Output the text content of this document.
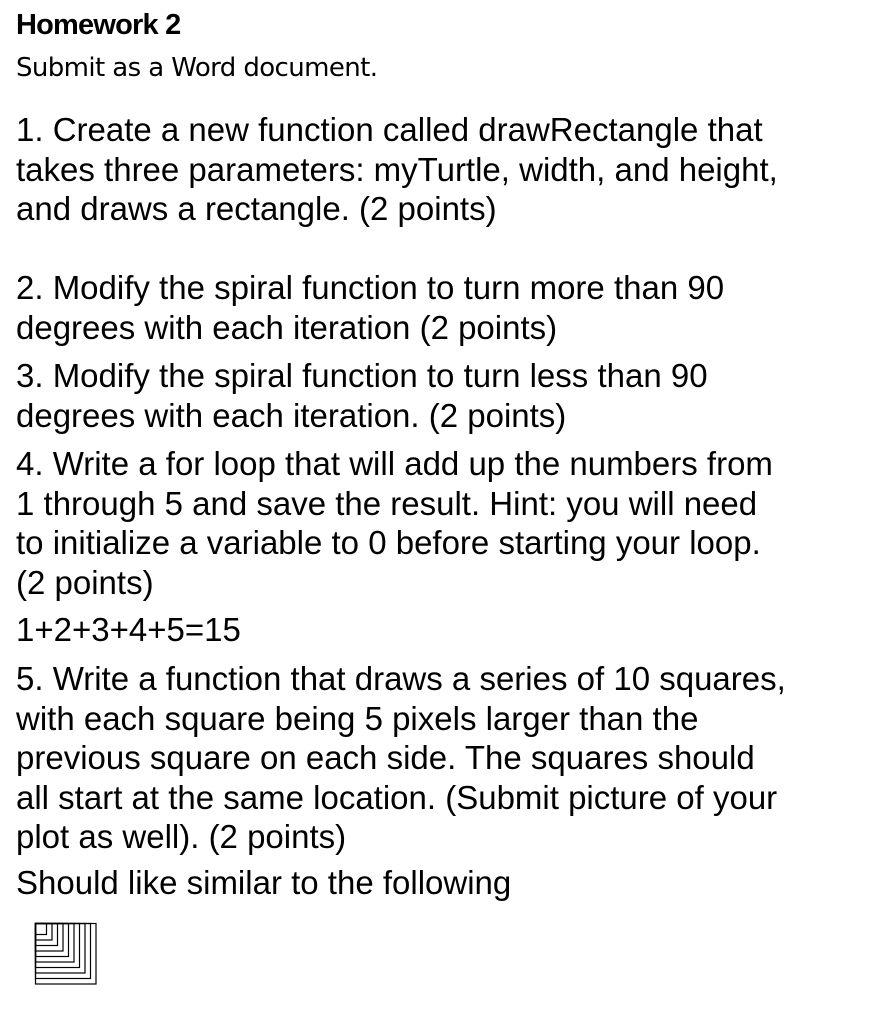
Homework 2

Submit as a Word document.

1. Create a new function called drawRectangle that
takes three parameters: myTurtle, width, and height,
and draws a rectangle. (2 points)

2. Modify the spiral function to turn more than 90
degrees with each iteration (2 points)

3. Modify the spiral function to turn less than 90
degrees with each iteration. (2 points)

4. Write a for loop that will add up the numbers from
1 through 5 and save the result. Hint: you will need
to initialize a variable to 0 before starting your loop.
(2 points)

1+2+3+4+5=15

5. Write a function that draws a series of 10 squares,
with each square being 5 pixels larger than the
previous square on each side. The squares should
all start at the same location. (Submit picture of your
plot as well). (2 points)

Should like similar to the following
